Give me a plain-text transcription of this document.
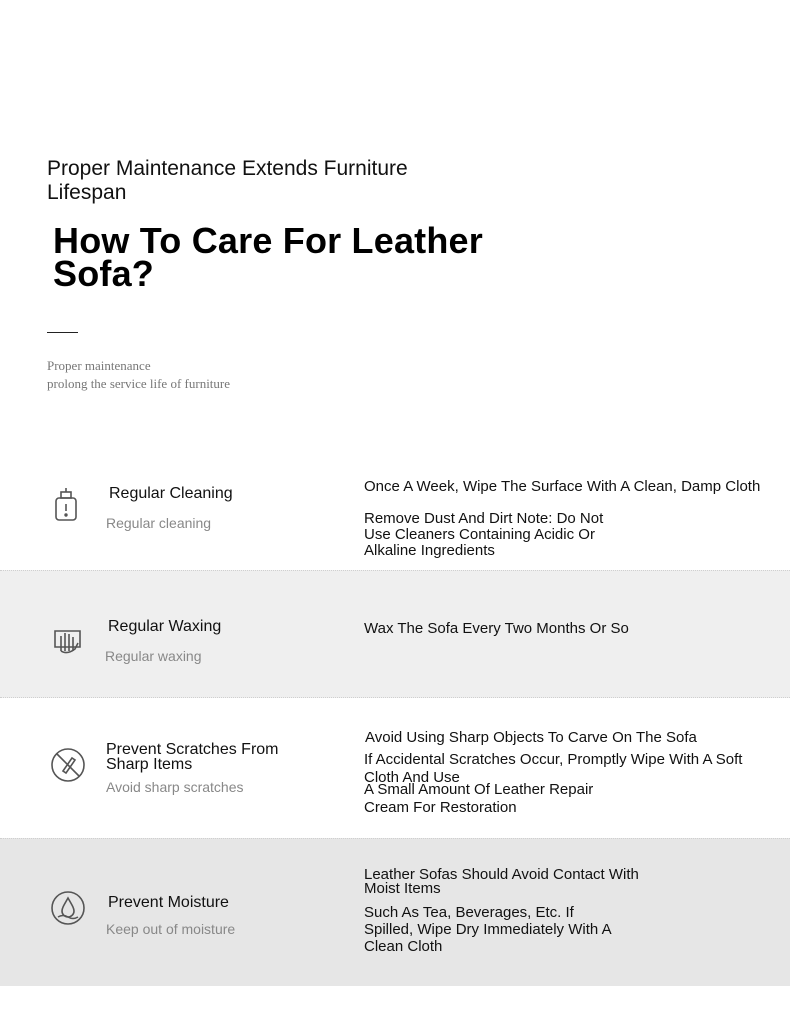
Proper Maintenance Extends Furniture Lifespan
How To Care For Leather Sofa?
Proper maintenance
prolong the service life of furniture
Regular Cleaning
Regular cleaning
Once A Week, Wipe The Surface With A Clean, Damp Cloth
Remove Dust And Dirt Note: Do Not Use Cleaners Containing Acidic Or Alkaline Ingredients
Regular Waxing
Regular waxing
Wax The Sofa Every Two Months Or So
Prevent Scratches From Sharp Items
Avoid sharp scratches
Avoid Using Sharp Objects To Carve On The Sofa
If Accidental Scratches Occur, Promptly Wipe With A Soft Cloth And Use
A Small Amount Of Leather Repair Cream For Restoration
Prevent Moisture
Keep out of moisture
Leather Sofas Should Avoid Contact With Moist Items
Such As Tea, Beverages, Etc. If Spilled, Wipe Dry Immediately With A Clean Cloth
